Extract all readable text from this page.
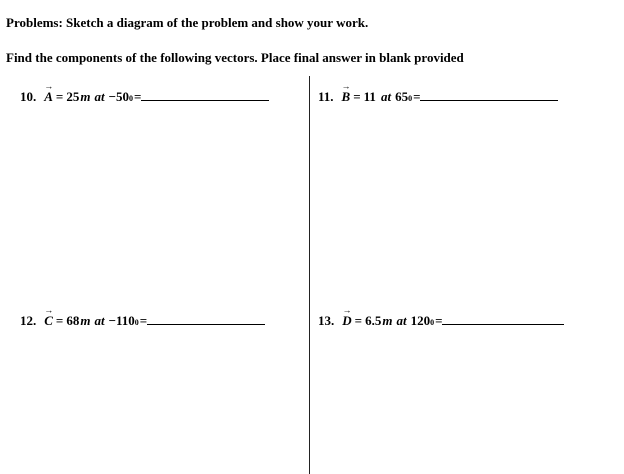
Problems: Sketch a diagram of the problem and show your work.
Find the components of the following vectors. Place final answer in blank provided
10.
→
A = 25 m at −50 0 =	11.
→
B = 11 at 65 0 =
12.
→
C = 68 m at −110 0 =	13.
→
D = 6.5 m at 120 0 =
